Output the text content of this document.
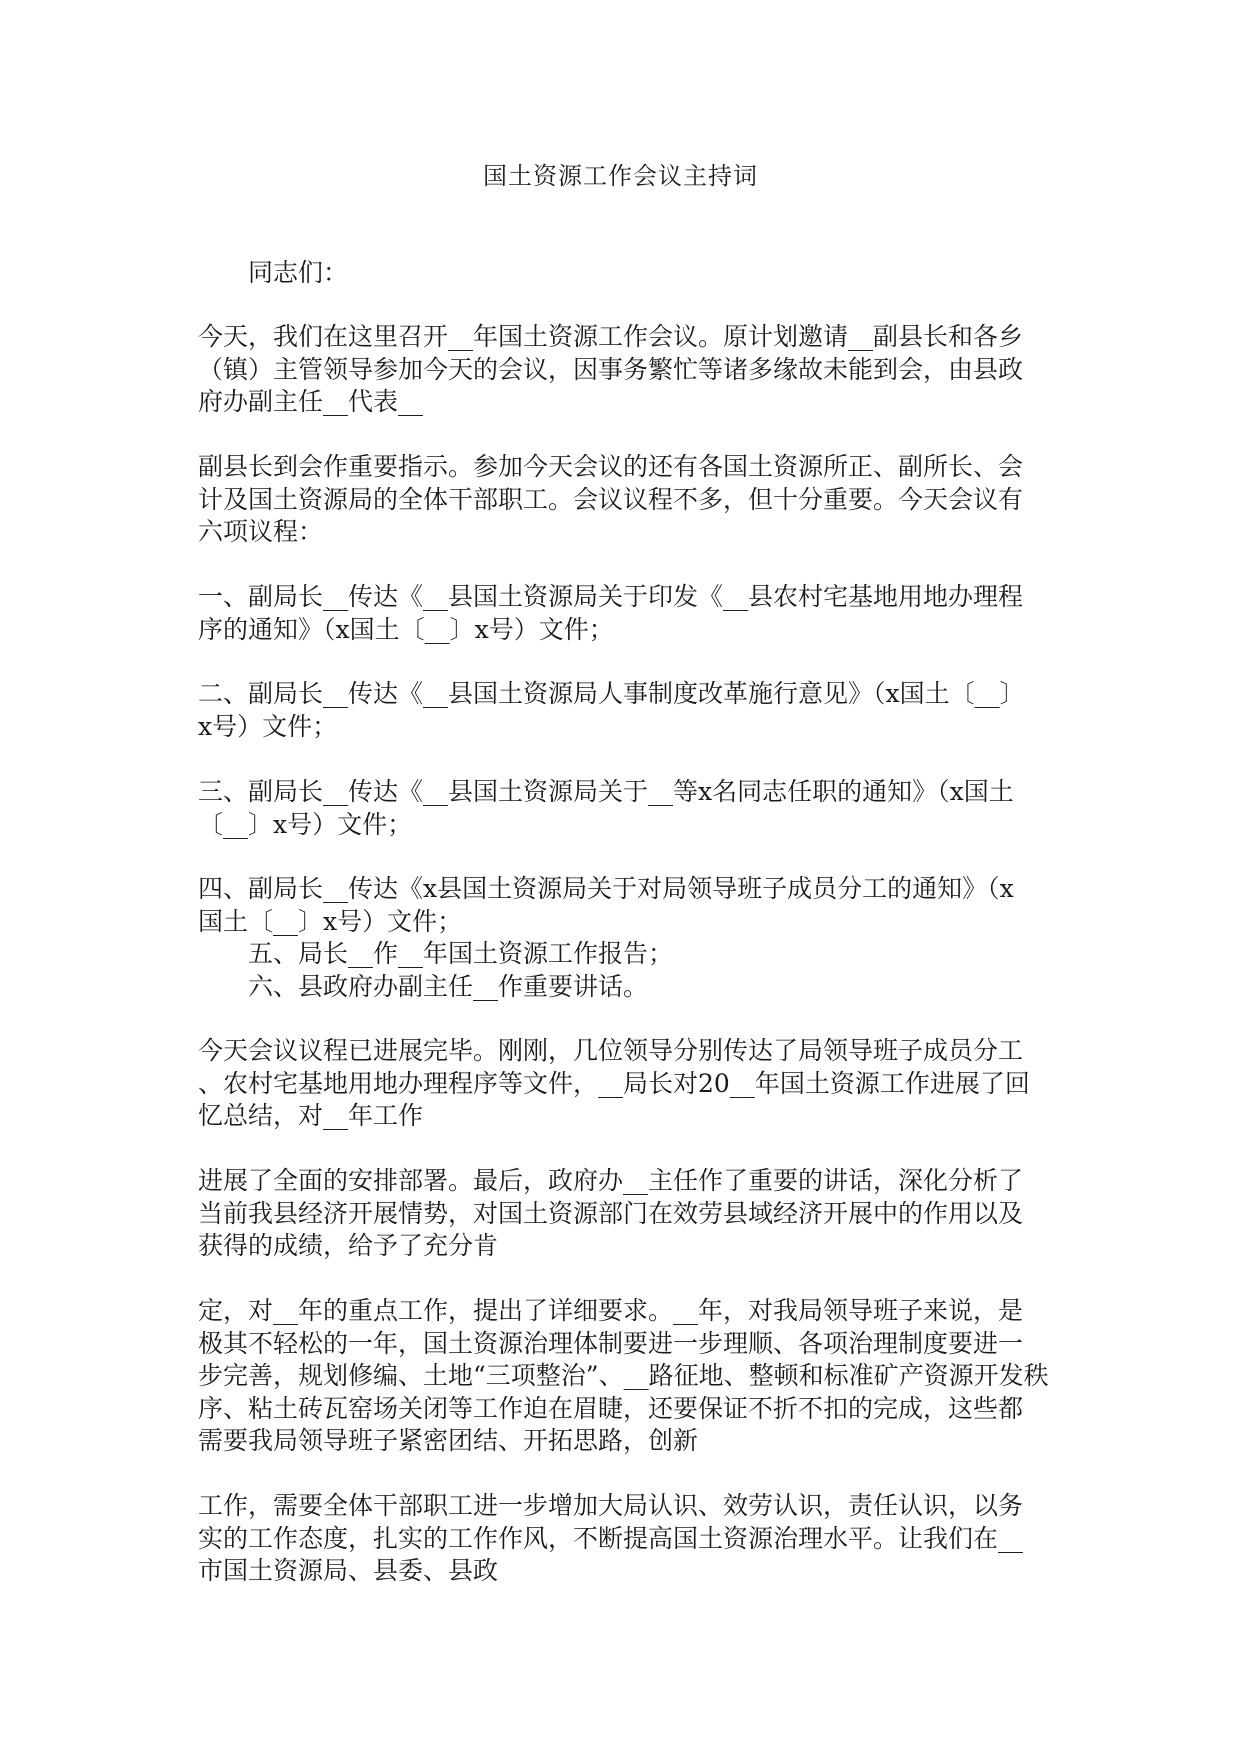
国土资源工作会议主持词
同志们：
今天，我们在这里召开__年国土资源工作会议。原计划邀请__副县长和各乡
（镇）主管领导参加今天的会议，因事务繁忙等诸多缘故未能到会，由县政
府办副主任__代表__
副县长到会作重要指示。参加今天会议的还有各国土资源所正、副所长、会
计及国土资源局的全体干部职工。会议议程不多，但十分重要。今天会议有
六项议程：
一、副局长__传达《__县国土资源局关于印发《__县农村宅基地用地办理程
序的通知》（x国土〔__〕x号）文件；
二、副局长__传达《__县国土资源局人事制度改革施行意见》（x国土〔__〕
x号）文件；
三、副局长__传达《__县国土资源局关于__等x名同志任职的通知》（x国土
〔__〕x号）文件；
四、副局长__传达《x县国土资源局关于对局领导班子成员分工的通知》（x
国土〔__〕x号）文件；
五、局长__作__年国土资源工作报告；
六、县政府办副主任__作重要讲话。
今天会议议程已进展完毕。刚刚，几位领导分别传达了局领导班子成员分工
、农村宅基地用地办理程序等文件，__局长对20__年国土资源工作进展了回
忆总结，对__年工作
进展了全面的安排部署。最后，政府办__主任作了重要的讲话，深化分析了
当前我县经济开展情势，对国土资源部门在效劳县域经济开展中的作用以及
获得的成绩，给予了充分肯
定，对__年的重点工作，提出了详细要求。__年，对我局领导班子来说，是
极其不轻松的一年，国土资源治理体制要进一步理顺、各项治理制度要进一
步完善，规划修编、土地“三项整治”、__路征地、整顿和标准矿产资源开发秩
序、粘土砖瓦窑场关闭等工作迫在眉睫，还要保证不折不扣的完成，这些都
需要我局领导班子紧密团结、开拓思路，创新
工作，需要全体干部职工进一步增加大局认识、效劳认识，责任认识，以务
实的工作态度，扎实的工作作风，不断提高国土资源治理水平。让我们在__
市国土资源局、县委、县政
